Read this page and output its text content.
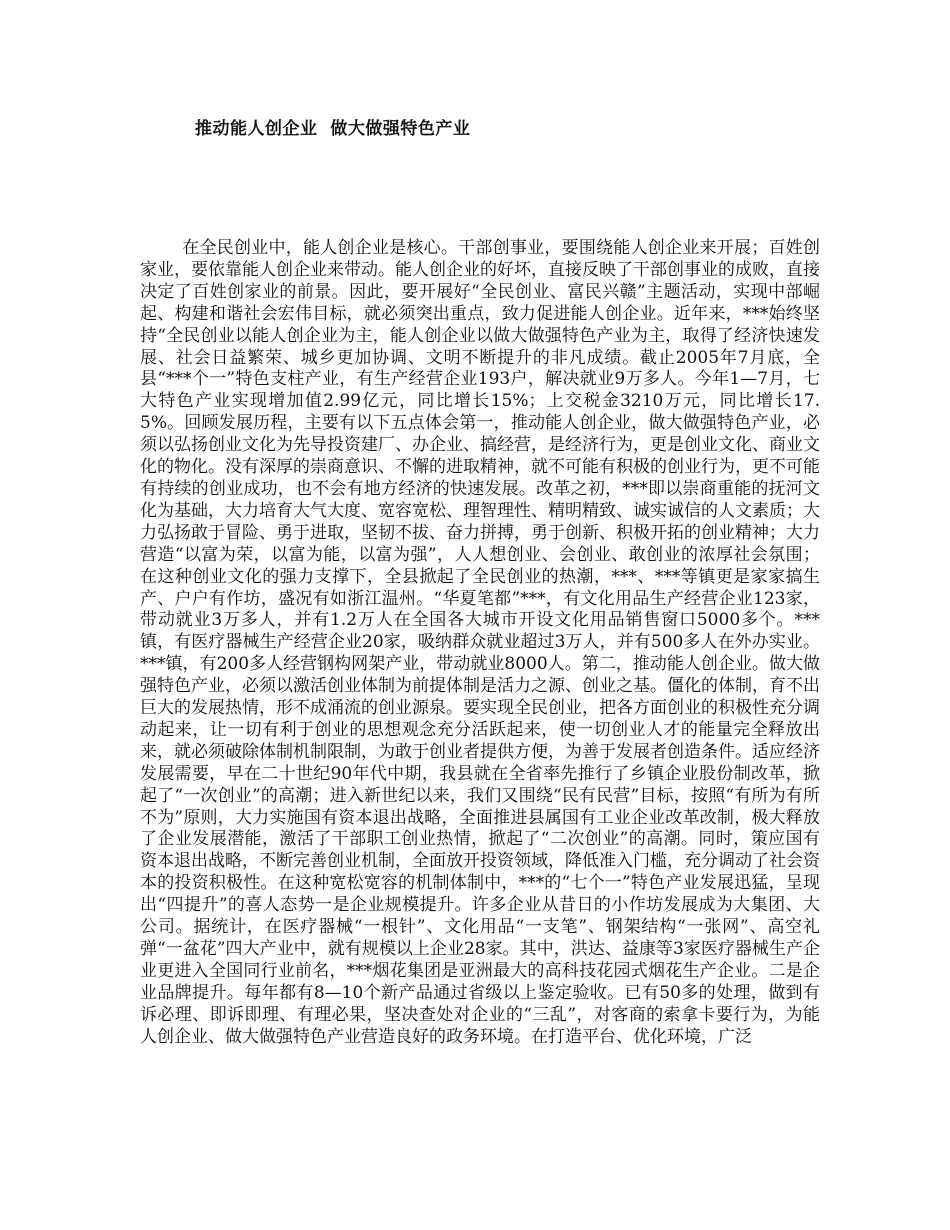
推动能人创企业  做大做强特色产业

在全民创业中，能人创企业是核心。干部创事业，要围绕能人创企业来开展；百姓创家业，要依靠能人创企业来带动。能人创企业的好坏，直接反映了干部创事业的成败，直接决定了百姓创家业的前景。因此，要开展好“全民创业、富民兴赣”主题活动，实现中部崛起、构建和谐社会宏伟目标，就必须突出重点，致力促进能人创企业。近年来，***始终坚持“全民创业以能人创企业为主，能人创企业以做大做强特色产业为主，取得了经济快速发展、社会日益繁荣、城乡更加协调、文明不断提升的非凡成绩。截止2005年7月底，全县“***个一”特色支柱产业，有生产经营企业193户，解决就业9万多人。今年1—7月，七大特色产业实现增加值2.99亿元，同比增长15%；上交税金3210万元，同比增长17.5%。回顾发展历程，主要有以下五点体会第一，推动能人创企业，做大做强特色产业，必须以弘扬创业文化为先导投资建厂、办企业、搞经营，是经济行为，更是创业文化、商业文化的物化。没有深厚的崇商意识、不懈的进取精神，就不可能有积极的创业行为，更不可能有持续的创业成功，也不会有地方经济的快速发展。改革之初，***即以崇商重能的抚河文化为基础，大力培育大气大度、宽容宽松、理智理性、精明精致、诚实诚信的人文素质；大力弘扬敢于冒险、勇于进取，坚韧不拔、奋力拼搏，勇于创新、积极开拓的创业精神；大力营造“以富为荣，以富为能，以富为强”，人人想创业、会创业、敢创业的浓厚社会氛围；在这种创业文化的强力支撑下，全县掀起了全民创业的热潮，***、***等镇更是家家搞生产、户户有作坊，盛况有如浙江温州。“华夏笔都”***，有文化用品生产经营企业123家，带动就业3万多人，并有1.2万人在全国各大城市开设文化用品销售窗口5000多个。***镇，有医疗器械生产经营企业20家，吸纳群众就业超过3万人，并有500多人在外办实业。***镇，有200多人经营钢构网架产业，带动就业8000人。第二，推动能人创企业。做大做强特色产业，必须以激活创业体制为前提体制是活力之源、创业之基。僵化的体制，育不出巨大的发展热情，形不成涌流的创业源泉。要实现全民创业，把各方面创业的积极性充分调动起来，让一切有利于创业的思想观念充分活跃起来，使一切创业人才的能量完全释放出来，就必须破除体制机制限制，为敢于创业者提供方便，为善于发展者创造条件。适应经济发展需要，早在二十世纪90年代中期，我县就在全省率先推行了乡镇企业股份制改革，掀起了“一次创业”的高潮；进入新世纪以来，我们又围绕“民有民营”目标，按照“有所为有所不为”原则，大力实施国有资本退出战略，全面推进县属国有工业企业改革改制，极大释放了企业发展潜能，激活了干部职工创业热情，掀起了“二次创业”的高潮。同时，策应国有资本退出战略，不断完善创业机制，全面放开投资领域，降低准入门槛，充分调动了社会资本的投资积极性。在这种宽松宽容的机制体制中，***的“七个一”特色产业发展迅猛，呈现出“四提升”的喜人态势一是企业规模提升。许多企业从昔日的小作坊发展成为大集团、大公司。据统计，在医疗器械“一根针”、文化用品“一支笔”、钢架结构“一张网”、高空礼弹“一盆花”四大产业中，就有规模以上企业28家。其中，洪达、益康等3家医疗器械生产企业更进入全国同行业前名，***烟花集团是亚洲最大的高科技花园式烟花生产企业。二是企业品牌提升。每年都有8—10个新产品通过省级以上鉴定验收。已有50多的处理，做到有诉必理、即诉即理、有理必果，坚决查处对企业的“三乱”，对客商的索拿卡要行为，为能人创企业、做大做强特色产业营造良好的政务环境。在打造平台、优化环境，广泛
